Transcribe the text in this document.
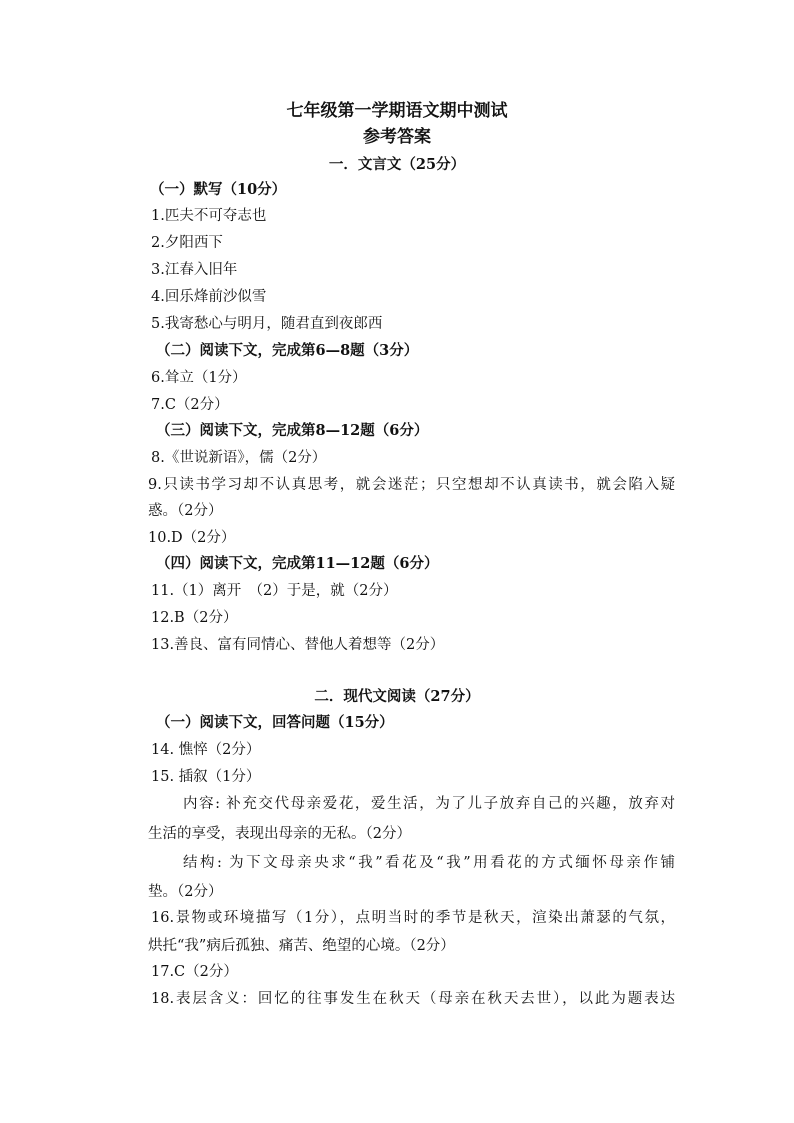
七年级第一学期语文期中测试
参考答案
一．文言文（25分）
（一）默写（10分）
1.匹夫不可夺志也
2.夕阳西下
3.江春入旧年
4.回乐烽前沙似雪
5.我寄愁心与明月，随君直到夜郎西
（二）阅读下文，完成第6—8题（3分）
6.耸立（1分）
7.C（2分）
（三）阅读下文，完成第8—12题（6分）
8.《世说新语》，儒（2分）
9.只读书学习却不认真思考，就会迷茫；只空想却不认真读书，就会陷入疑
惑。（2分）
10.D（2分）
（四）阅读下文，完成第11—12题（6分）
11.（1）离开　（2）于是，就（2分）
12.B（2分）
13.善良、富有同情心、替他人着想等（2分）
二．现代文阅读（27分）
（一）阅读下文，回答问题（15分）
14. 憔悴（2分）
15. 插叙（1分）
内容: 补充交代母亲爱花，爱生活，为了儿子放弃自己的兴趣，放弃对
生活的享受，表现出母亲的无私。（2分）
结构: 为下文母亲央求“我”看花及“我”用看花的方式缅怀母亲作铺
垫。（2分）
16.景物或环境描写（1分），点明当时的季节是秋天，渲染出萧瑟的气氛，
烘托“我”病后孤独、痛苦、绝望的心境。（2分）
17.C（2分）
18.表层含义：回忆的往事发生在秋天（母亲在秋天去世），以此为题表达
